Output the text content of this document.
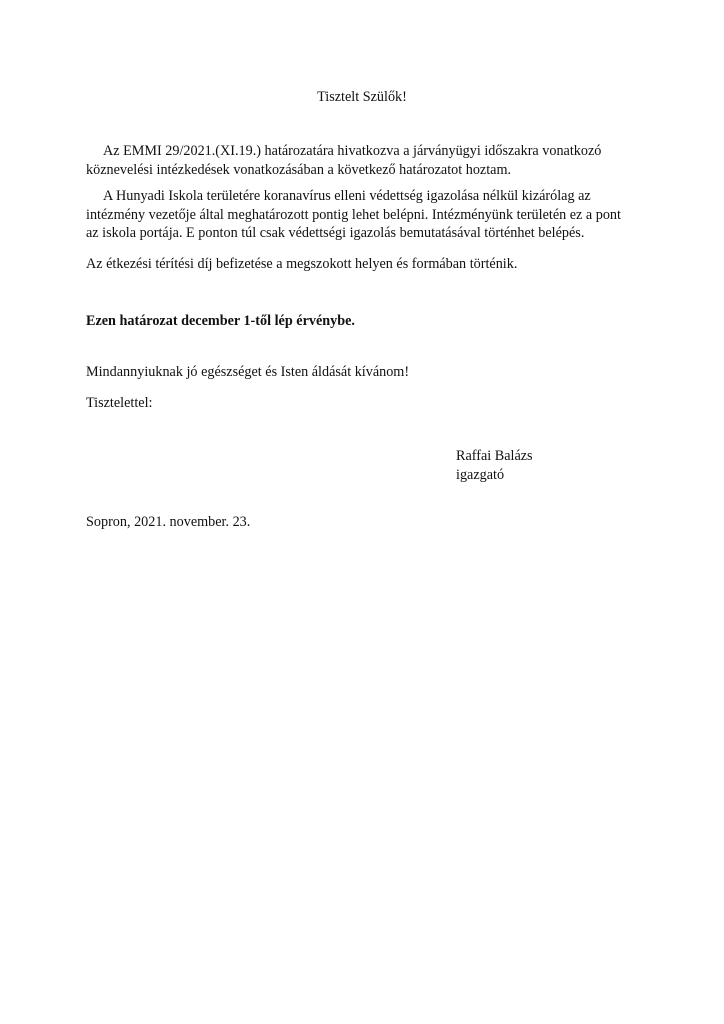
Tisztelt Szülők!
Az EMMI 29/2021.(XI.19.) határozatára hivatkozva a járványügyi időszakra vonatkozó
köznevelési intézkedések vonatkozásában a következő határozatot hoztam.
A Hunyadi Iskola területére koranavírus elleni védettség igazolása nélkül kizárólag az
intézmény vezetője által meghatározott pontig lehet belépni. Intézményünk területén ez a pont
az iskola portája. E ponton túl csak védettségi igazolás bemutatásával történhet belépés.
Az étkezési térítési díj befizetése a megszokott helyen és formában történik.
Ezen határozat december 1-től lép érvénybe.
Mindannyiuknak jó egészséget és Isten áldását kívánom!
Tisztelettel:
Raffai Balázs
igazgató
Sopron, 2021. november. 23.
